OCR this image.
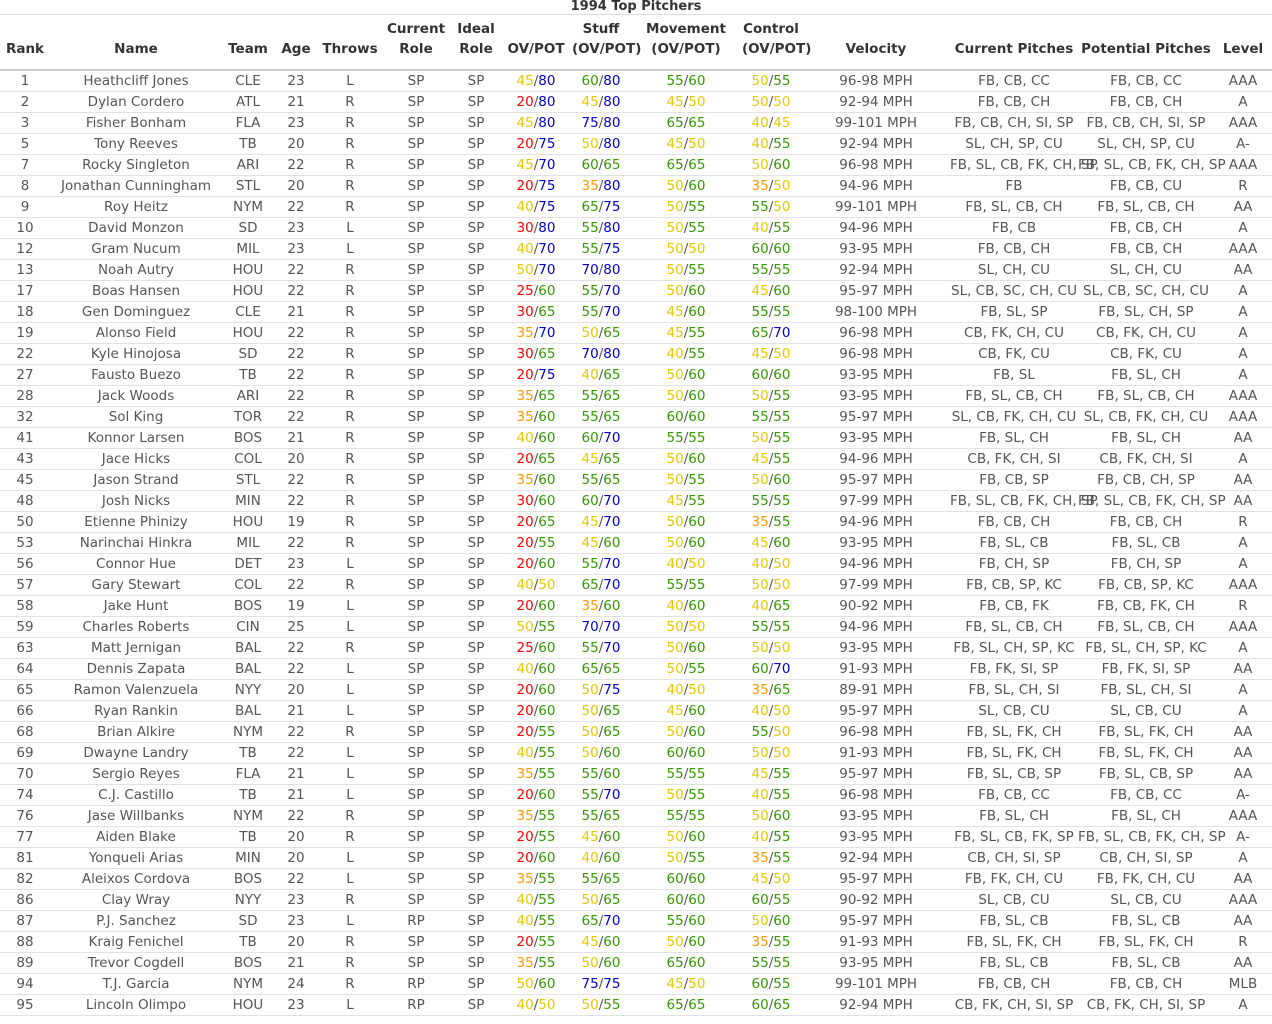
1994 Top Pitchers
Rank	Name	Team	Age	Throws	Current
Role	Ideal
Role	OV/POT	Stuff
(OV/POT)	Movement
(OV/POT)	Control
(OV/POT)	Velocity	Current Pitches	Potential Pitches	Level
1	Heathcliff Jones	CLE	23	L	SP	SP	45/80	60/80	55/60	50/55	96-98 MPH	FB, CB, CC	FB, CB, CC	AAA
2	Dylan Cordero	ATL	21	R	SP	SP	20/80	45/80	45/50	50/50	92-94 MPH	FB, CB, CH	FB, CB, CH	A
3	Fisher Bonham	FLA	23	R	SP	SP	45/80	75/80	65/65	40/45	99-101 MPH	FB, CB, CH, SI, SP	FB, CB, CH, SI, SP	AAA
5	Tony Reeves	TB	20	R	SP	SP	20/75	50/80	45/50	40/55	92-94 MPH	SL, CH, SP, CU	SL, CH, SP, CU	A-
7	Rocky Singleton	ARI	22	R	SP	SP	45/70	60/65	65/65	50/60	96-98 MPH	FB, SL, CB, FK, CH, SP	FB, SL, CB, FK, CH, SP	AAA
8	Jonathan Cunningham	STL	20	R	SP	SP	20/75	35/80	50/60	35/50	94-96 MPH	FB	FB, CB, CU	R
9	Roy Heitz	NYM	22	R	SP	SP	40/75	65/75	50/55	55/50	99-101 MPH	FB, SL, CB, CH	FB, SL, CB, CH	AA
10	David Monzon	SD	23	L	SP	SP	30/80	55/80	50/55	40/55	94-96 MPH	FB, CB	FB, CB, CH	A
12	Gram Nucum	MIL	23	L	SP	SP	40/70	55/75	50/50	60/60	93-95 MPH	FB, CB, CH	FB, CB, CH	AAA
13	Noah Autry	HOU	22	R	SP	SP	50/70	70/80	50/55	55/55	92-94 MPH	SL, CH, CU	SL, CH, CU	AA
17	Boas Hansen	HOU	22	R	SP	SP	25/60	55/70	50/60	45/60	95-97 MPH	SL, CB, SC, CH, CU	SL, CB, SC, CH, CU	A
18	Gen Dominguez	CLE	21	R	SP	SP	30/65	55/70	45/60	55/55	98-100 MPH	FB, SL, SP	FB, SL, CH, SP	A
19	Alonso Field	HOU	22	R	SP	SP	35/70	50/65	45/55	65/70	96-98 MPH	CB, FK, CH, CU	CB, FK, CH, CU	A
22	Kyle Hinojosa	SD	22	R	SP	SP	30/65	70/80	40/55	45/50	96-98 MPH	CB, FK, CU	CB, FK, CU	A
27	Fausto Buezo	TB	22	R	SP	SP	20/75	40/65	50/60	60/60	93-95 MPH	FB, SL	FB, SL, CH	A
28	Jack Woods	ARI	22	R	SP	SP	35/65	55/65	50/60	50/55	93-95 MPH	FB, SL, CB, CH	FB, SL, CB, CH	AAA
32	Sol King	TOR	22	R	SP	SP	35/60	55/65	60/60	55/55	95-97 MPH	SL, CB, FK, CH, CU	SL, CB, FK, CH, CU	AAA
41	Konnor Larsen	BOS	21	R	SP	SP	40/60	60/70	55/55	50/55	93-95 MPH	FB, SL, CH	FB, SL, CH	AA
43	Jace Hicks	COL	20	R	SP	SP	20/65	45/65	50/60	45/55	94-96 MPH	CB, FK, CH, SI	CB, FK, CH, SI	A
45	Jason Strand	STL	22	R	SP	SP	35/60	55/65	50/55	50/60	95-97 MPH	FB, CB, SP	FB, CB, CH, SP	AA
48	Josh Nicks	MIN	22	R	SP	SP	30/60	60/70	45/55	55/55	97-99 MPH	FB, SL, CB, FK, CH, SP	FB, SL, CB, FK, CH, SP	AA
50	Etienne Phinizy	HOU	19	R	SP	SP	20/65	45/70	50/60	35/55	94-96 MPH	FB, CB, CH	FB, CB, CH	R
53	Narinchai Hinkra	MIL	22	R	SP	SP	20/55	45/60	50/60	45/60	93-95 MPH	FB, SL, CB	FB, SL, CB	A
56	Connor Hue	DET	23	L	SP	SP	20/60	55/70	40/50	40/50	94-96 MPH	FB, CH, SP	FB, CH, SP	A
57	Gary Stewart	COL	22	R	SP	SP	40/50	65/70	55/55	50/50	97-99 MPH	FB, CB, SP, KC	FB, CB, SP, KC	AAA
58	Jake Hunt	BOS	19	L	SP	SP	20/60	35/60	40/60	40/65	90-92 MPH	FB, CB, FK	FB, CB, FK, CH	R
59	Charles Roberts	CIN	25	L	SP	SP	50/55	70/70	50/50	55/55	94-96 MPH	FB, SL, CB, CH	FB, SL, CB, CH	AAA
63	Matt Jernigan	BAL	22	R	SP	SP	25/60	55/70	50/60	50/50	93-95 MPH	FB, SL, CH, SP, KC	FB, SL, CH, SP, KC	A
64	Dennis Zapata	BAL	22	L	SP	SP	40/60	65/65	50/55	60/70	91-93 MPH	FB, FK, SI, SP	FB, FK, SI, SP	AA
65	Ramon Valenzuela	NYY	20	L	SP	SP	20/60	50/75	40/50	35/65	89-91 MPH	FB, SL, CH, SI	FB, SL, CH, SI	A
66	Ryan Rankin	BAL	21	L	SP	SP	20/60	50/65	45/60	40/50	95-97 MPH	SL, CB, CU	SL, CB, CU	A
68	Brian Alkire	NYM	22	R	SP	SP	20/55	50/65	50/60	55/50	96-98 MPH	FB, SL, FK, CH	FB, SL, FK, CH	AA
69	Dwayne Landry	TB	22	L	SP	SP	40/55	50/60	60/60	50/50	91-93 MPH	FB, SL, FK, CH	FB, SL, FK, CH	AA
70	Sergio Reyes	FLA	21	L	SP	SP	35/55	55/60	55/55	45/55	95-97 MPH	FB, SL, CB, SP	FB, SL, CB, SP	AA
74	C.J. Castillo	TB	21	L	SP	SP	20/60	55/70	50/55	40/55	96-98 MPH	FB, CB, CC	FB, CB, CC	A-
76	Jase Willbanks	NYM	22	R	SP	SP	35/55	55/65	55/55	50/60	93-95 MPH	FB, SL, CH	FB, SL, CH	AAA
77	Aiden Blake	TB	20	R	SP	SP	20/55	45/60	50/60	40/55	93-95 MPH	FB, SL, CB, FK, SP	FB, SL, CB, FK, CH, SP	A-
81	Yonqueli Arias	MIN	20	L	SP	SP	20/60	40/60	50/55	35/55	92-94 MPH	CB, CH, SI, SP	CB, CH, SI, SP	A
82	Aleixos Cordova	BOS	22	L	SP	SP	35/55	55/65	60/60	45/50	95-97 MPH	FB, FK, CH, CU	FB, FK, CH, CU	AA
86	Clay Wray	NYY	23	R	SP	SP	40/55	50/65	60/60	60/55	90-92 MPH	SL, CB, CU	SL, CB, CU	AAA
87	P.J. Sanchez	SD	23	L	RP	SP	40/55	65/70	55/60	50/60	95-97 MPH	FB, SL, CB	FB, SL, CB	AA
88	Kraig Fenichel	TB	20	R	SP	SP	20/55	45/60	50/60	35/55	91-93 MPH	FB, SL, FK, CH	FB, SL, FK, CH	R
89	Trevor Cogdell	BOS	21	R	SP	SP	35/55	50/60	65/60	55/55	93-95 MPH	FB, SL, CB	FB, SL, CB	AA
94	T.J. Garcia	NYM	24	R	RP	SP	50/60	75/75	45/50	60/55	99-101 MPH	FB, CB, CH	FB, CB, CH	MLB
95	Lincoln Olimpo	HOU	23	L	RP	SP	40/50	50/55	65/65	60/65	92-94 MPH	CB, FK, CH, SI, SP	CB, FK, CH, SI, SP	A
